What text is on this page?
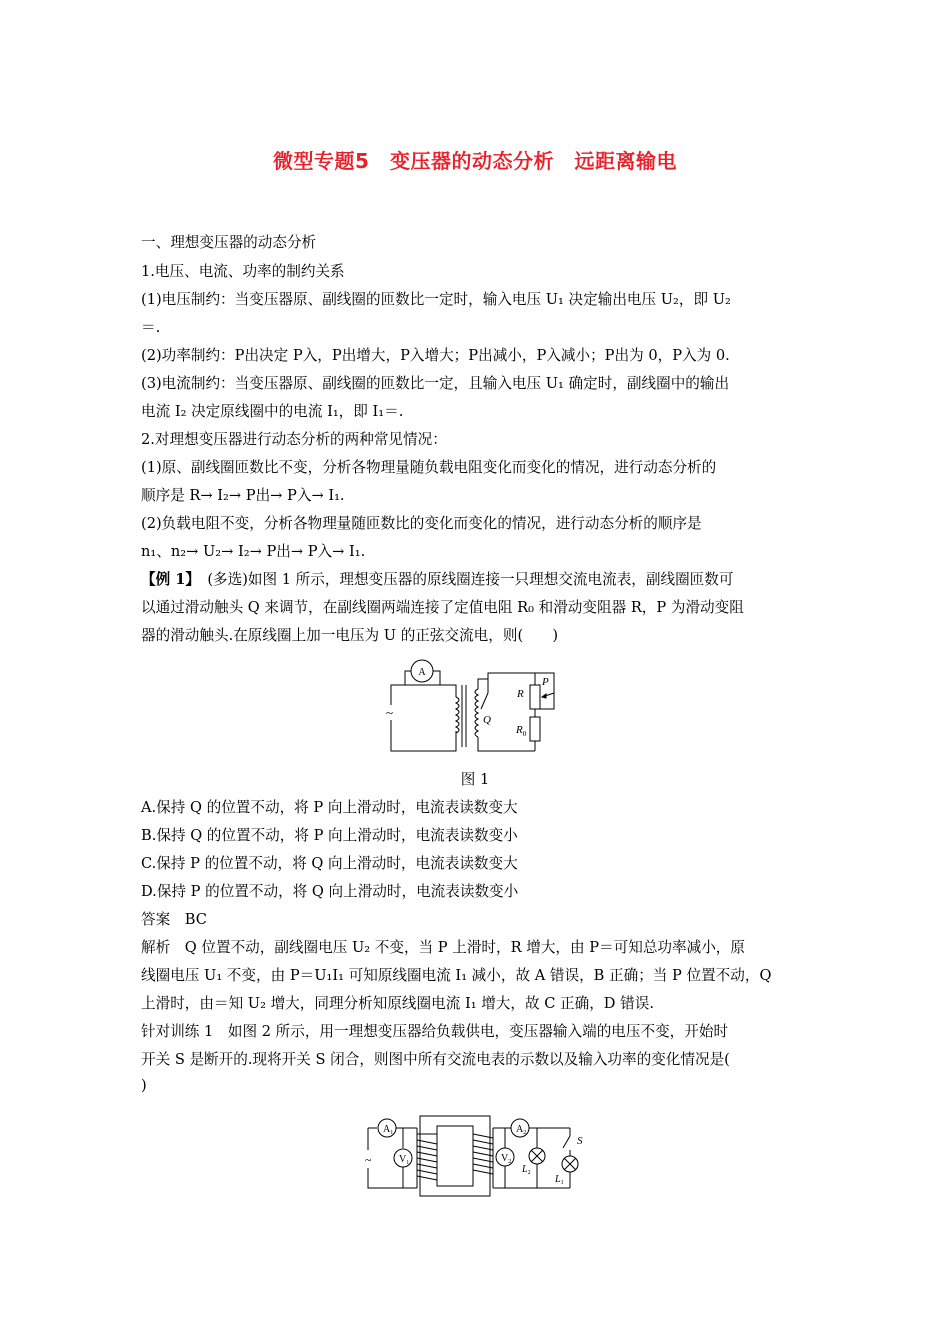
微型专题5　变压器的动态分析　远距离输电
一、理想变压器的动态分析
1.电压、电流、功率的制约关系
(1)电压制约：当变压器原、副线圈的匝数比一定时，输入电压 U₁ 决定输出电压 U₂，即 U₂
＝.
(2)功率制约：P出决定 P入，P出增大，P入增大；P出减小，P入减小；P出为 0，P入为 0.
(3)电流制约：当变压器原、副线圈的匝数比一定，且输入电压 U₁ 确定时，副线圈中的输出
电流 I₂ 决定原线圈中的电流 I₁，即 I₁＝.
2.对理想变压器进行动态分析的两种常见情况：
(1)原、副线圈匝数比不变，分析各物理量随负载电阻变化而变化的情况，进行动态分析的
顺序是 R→ I₂→ P出→ P入→ I₁.
(2)负载电阻不变，分析各物理量随匝数比的变化而变化的情况，进行动态分析的顺序是
n₁、n₂→ U₂→ I₂→ P出→ P入→ I₁.
【例 1】　(多选)如图 1 所示，理想变压器的原线圈连接一只理想交流电流表，副线圈匝数可
以通过滑动触头 Q 来调节，在副线圈两端连接了定值电阻 R₀ 和滑动变阻器 R，P 为滑动变阻
器的滑动触头.在原线圈上加一电压为 U 的正弦交流电，则(　　)
A
~
R
P
Q
$R_0$
图 1
A.保持 Q 的位置不动，将 P 向上滑动时，电流表读数变大
B.保持 Q 的位置不动，将 P 向上滑动时，电流表读数变小
C.保持 P 的位置不动，将 Q 向上滑动时，电流表读数变大
D.保持 P 的位置不动，将 Q 向上滑动时，电流表读数变小
答案　BC
解析　Q 位置不动，副线圈电压 U₂ 不变，当 P 上滑时，R 增大，由 P＝可知总功率减小，原
线圈电压 U₁ 不变，由 P＝U₁I₁ 可知原线圈电流 I₁ 减小，故 A 错误，B 正确；当 P 位置不动，Q
上滑时，由＝知 U₂ 增大，同理分析知原线圈电流 I₁ 增大，故 C 正确，D 错误.
针对训练 1　如图 2 所示，用一理想变压器给负载供电，变压器输入端的电压不变，开始时
开关 S 是断开的.现将开关 S 闭合，则图中所有交流电表的示数以及输入功率的变化情况是(
)
~
$A_1$
$V_1$
$A_2$
$V_2$
S
$L_2$
$L_1$
